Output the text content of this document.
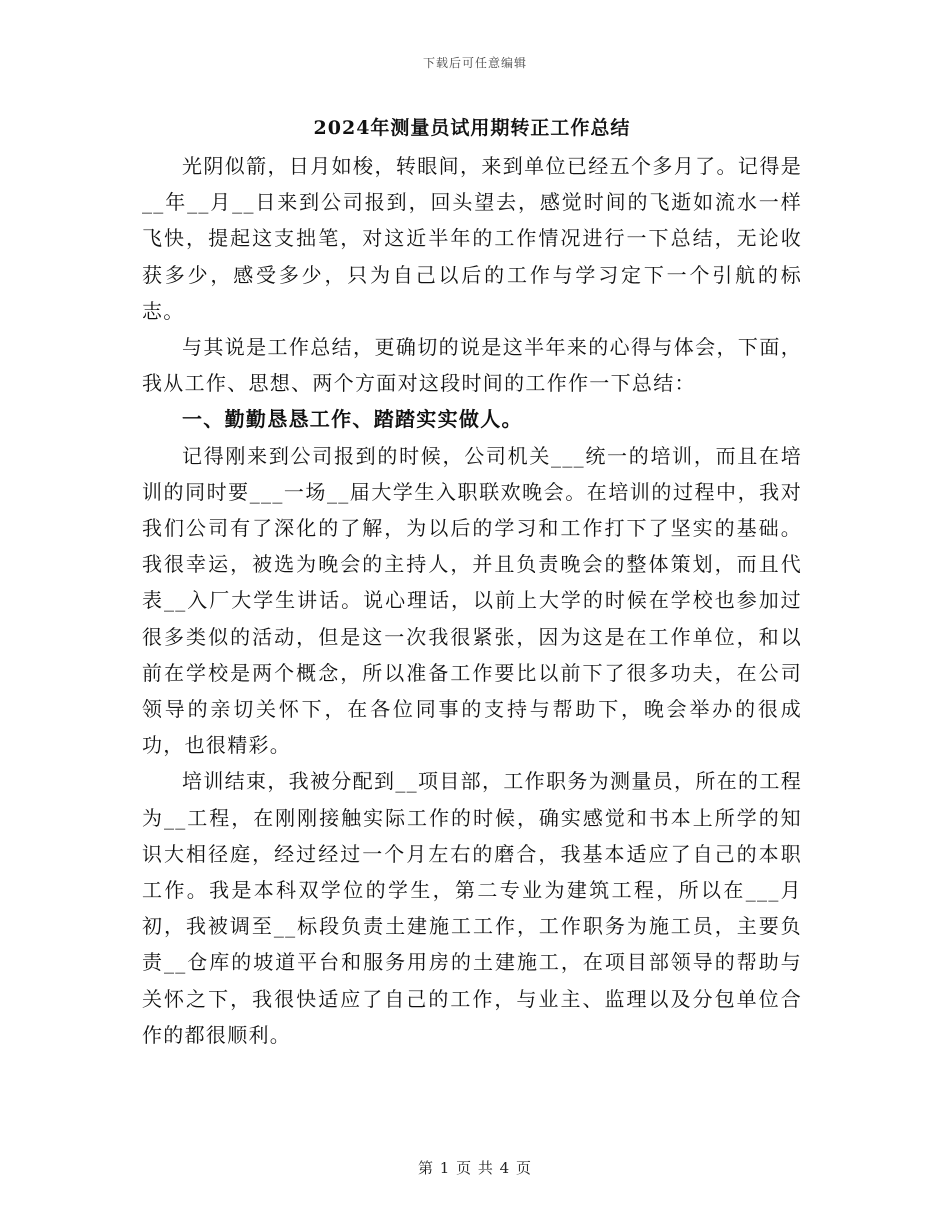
下载后可任意编辑
2024年测量员试用期转正工作总结

光阴似箭，日月如梭，转眼间，来到单位已经五个多月了。记得是__年__月__日来到公司报到，回头望去，感觉时间的飞逝如流水一样飞快，提起这支拙笔，对这近半年的工作情况进行一下总结，无论收获多少，感受多少，只为自己以后的工作与学习定下一个引航的标志。

与其说是工作总结，更确切的说是这半年来的心得与体会，下面，我从工作、思想、两个方面对这段时间的工作作一下总结：

一、勤勤恳恳工作、踏踏实实做人。

记得刚来到公司报到的时候，公司机关___统一的培训，而且在培训的同时要___一场__届大学生入职联欢晚会。在培训的过程中，我对我们公司有了深化的了解，为以后的学习和工作打下了坚实的基础。我很幸运，被选为晚会的主持人，并且负责晚会的整体策划，而且代表__入厂大学生讲话。说心理话，以前上大学的时候在学校也参加过很多类似的活动，但是这一次我很紧张，因为这是在工作单位，和以前在学校是两个概念，所以准备工作要比以前下了很多功夫，在公司领导的亲切关怀下，在各位同事的支持与帮助下，晚会举办的很成功，也很精彩。

培训结束，我被分配到__项目部，工作职务为测量员，所在的工程为__工程，在刚刚接触实际工作的时候，确实感觉和书本上所学的知识大相径庭，经过经过一个月左右的磨合，我基本适应了自己的本职工作。我是本科双学位的学生，第二专业为建筑工程，所以在___月初，我被调至__标段负责土建施工工作，工作职务为施工员，主要负责__仓库的坡道平台和服务用房的土建施工，在项目部领导的帮助与关怀之下，我很快适应了自己的工作，与业主、监理以及分包单位合作的都很顺利。

第 1 页 共 4 页
